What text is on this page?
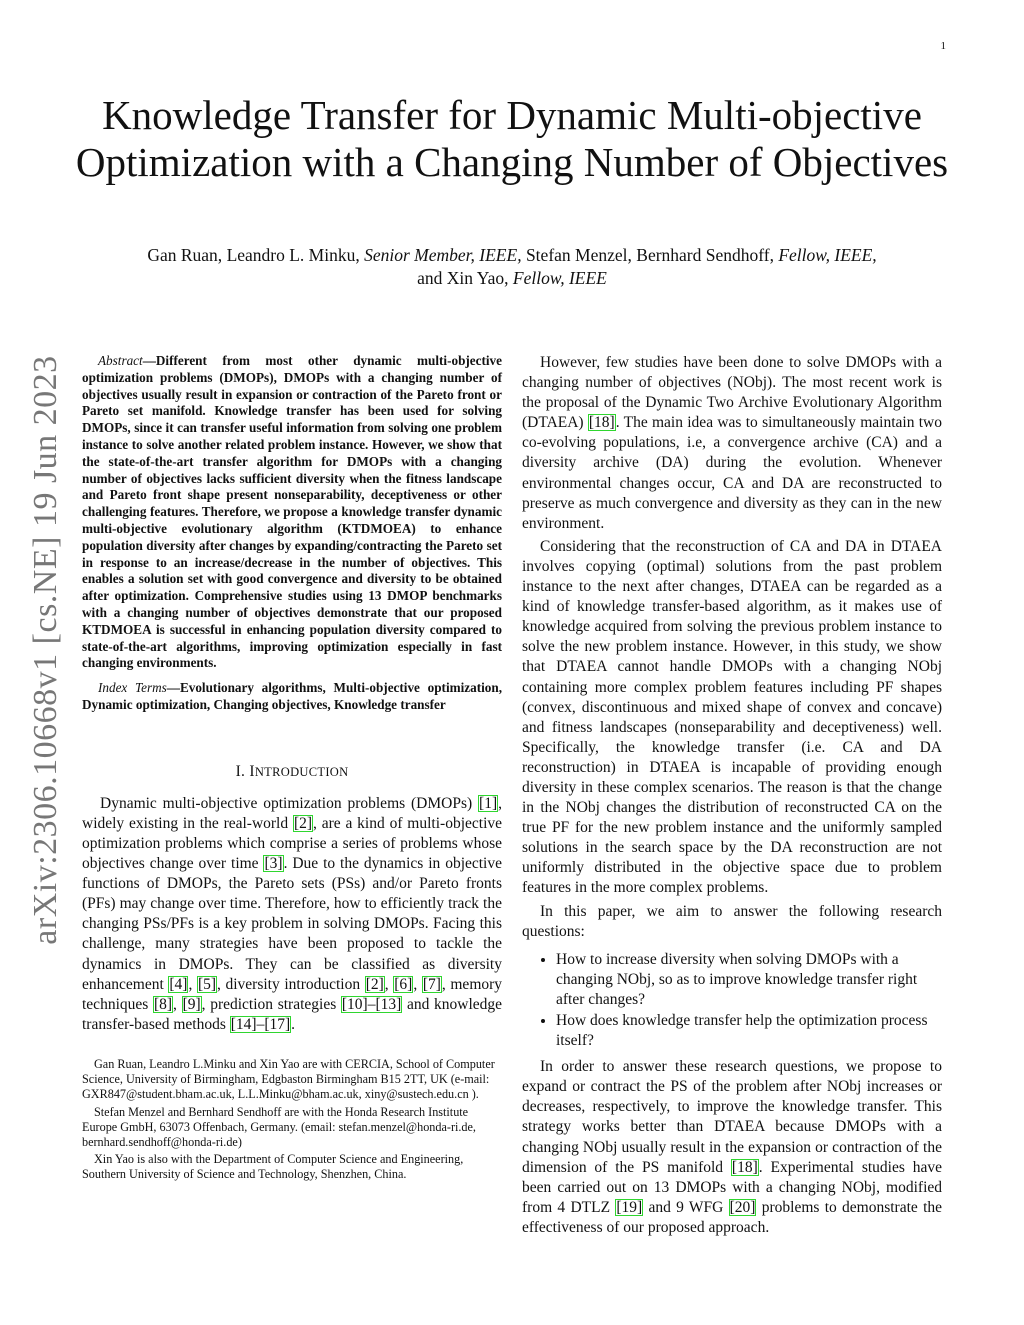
1
arXiv:2306.10668v1 [cs.NE] 19 Jun 2023
Knowledge Transfer for Dynamic Multi-objective Optimization with a Changing Number of Objectives
Gan Ruan, Leandro L. Minku, Senior Member, IEEE, Stefan Menzel, Bernhard Sendhoff, Fellow, IEEE,
and Xin Yao, Fellow, IEEE

Abstract—Different from most other dynamic multi-objective optimization problems (DMOPs), DMOPs with a changing number of objectives usually result in expansion or contraction of the Pareto front or Pareto set manifold. Knowledge transfer has been used for solving DMOPs, since it can transfer useful information from solving one problem instance to solve another related problem instance. However, we show that the state-of-the-art transfer algorithm for DMOPs with a changing number of objectives lacks sufficient diversity when the fitness landscape and Pareto front shape present nonseparability, deceptiveness or other challenging features. Therefore, we propose a knowledge transfer dynamic multi-objective evolutionary algorithm (KTDMOEA) to enhance population diversity after changes by expanding/contracting the Pareto set in response to an increase/decrease in the number of objectives. This enables a solution set with good convergence and diversity to be obtained after optimization. Comprehensive studies using 13 DMOP benchmarks with a changing number of objectives demonstrate that our proposed KTDMOEA is successful in enhancing population diversity compared to state-of-the-art algorithms, improving optimization especially in fast changing environments.

Index Terms—Evolutionary algorithms, Multi-objective optimization, Dynamic optimization, Changing objectives, Knowledge transfer

I. INTRODUCTION

Dynamic multi-objective optimization problems (DMOPs) [1], widely existing in the real-world [2], are a kind of multi-objective optimization problems which comprise a series of problems whose objectives change over time [3]. Due to the dynamics in objective functions of DMOPs, the Pareto sets (PSs) and/or Pareto fronts (PFs) may change over time. Therefore, how to efficiently track the changing PSs/PFs is a key problem in solving DMOPs. Facing this challenge, many strategies have been proposed to tackle the dynamics in DMOPs. They can be classified as diversity enhancement [4], [5], diversity introduction [2], [6], [7], memory techniques [8], [9], prediction strategies [10]–[13] and knowledge transfer-based methods [14]–[17].

Gan Ruan, Leandro L.Minku and Xin Yao are with CERCIA, School of Computer Science, University of Birmingham, Edgbaston Birmingham B15 2TT, UK (e-mail: GXR847@student.bham.ac.uk, L.L.Minku@bham.ac.uk, xiny@sustech.edu.cn ).

Stefan Menzel and Bernhard Sendhoff are with the Honda Research Institute Europe GmbH, 63073 Offenbach, Germany. (email: stefan.menzel@honda-ri.de, bernhard.sendhoff@honda-ri.de)

Xin Yao is also with the Department of Computer Science and Engineering, Southern University of Science and Technology, Shenzhen, China.

However, few studies have been done to solve DMOPs with a changing number of objectives (NObj). The most recent work is the proposal of the Dynamic Two Archive Evolutionary Algorithm (DTAEA) [18]. The main idea was to simultaneously maintain two co-evolving populations, i.e, a convergence archive (CA) and a diversity archive (DA) during the evolution. Whenever environmental changes occur, CA and DA are reconstructed to preserve as much convergence and diversity as they can in the new environment.

Considering that the reconstruction of CA and DA in DTAEA involves copying (optimal) solutions from the past problem instance to the next after changes, DTAEA can be regarded as a kind of knowledge transfer-based algorithm, as it makes use of knowledge acquired from solving the previous problem instance to solve the new problem instance. However, in this study, we show that DTAEA cannot handle DMOPs with a changing NObj containing more complex problem features including PF shapes (convex, discontinuous and mixed shape of convex and concave) and fitness landscapes (nonseparability and deceptiveness) well. Specifically, the knowledge transfer (i.e. CA and DA reconstruction) in DTAEA is incapable of providing enough diversity in these complex scenarios. The reason is that the change in the NObj changes the distribution of reconstructed CA on the true PF for the new problem instance and the uniformly sampled solutions in the search space by the DA reconstruction are not uniformly distributed in the objective space due to problem features in the more complex problems.

In this paper, we aim to answer the following research questions:

• How to increase diversity when solving DMOPs with a changing NObj, so as to improve knowledge transfer right after changes?
• How does knowledge transfer help the optimization process itself?

In order to answer these research questions, we propose to expand or contract the PS of the problem after NObj increases or decreases, respectively, to improve the knowledge transfer. This strategy works better than DTAEA because DMOPs with a changing NObj usually result in the expansion or contraction of the dimension of the PS manifold [18]. Experimental studies have been carried out on 13 DMOPs with a changing NObj, modified from 4 DTLZ [19] and 9 WFG [20] problems to demonstrate the effectiveness of our proposed approach.
